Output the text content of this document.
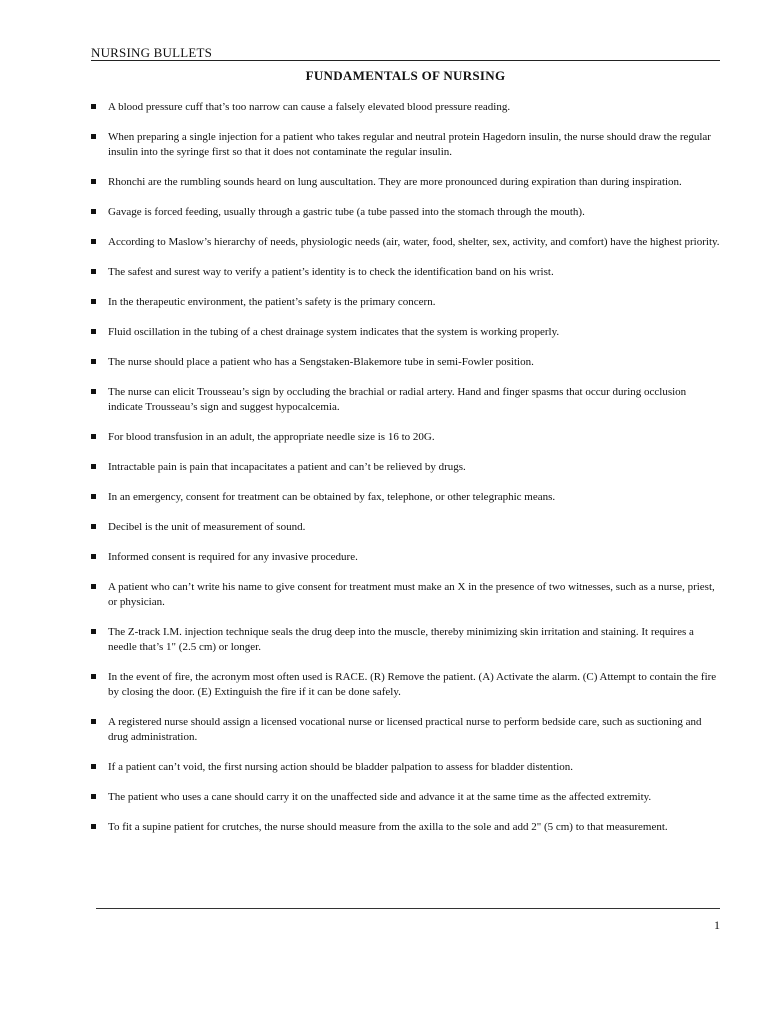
NURSING BULLETS
FUNDAMENTALS OF NURSING
A blood pressure cuff that’s too narrow can cause a falsely elevated blood pressure reading.
When preparing a single injection for a patient who takes regular and neutral protein Hagedorn insulin, the nurse should draw the regular insulin into the syringe first so that it does not contaminate the regular insulin.
Rhonchi are the rumbling sounds heard on lung auscultation. They are more pronounced during expiration than during inspiration.
Gavage is forced feeding, usually through a gastric tube (a tube passed into the stomach through the mouth).
According to Maslow’s hierarchy of needs, physiologic needs (air, water, food, shelter, sex, activity, and comfort) have the highest priority.
The safest and surest way to verify a patient’s identity is to check the identification band on his wrist.
In the therapeutic environment, the patient’s safety is the primary concern.
Fluid oscillation in the tubing of a chest drainage system indicates that the system is working properly.
The nurse should place a patient who has a Sengstaken-Blakemore tube in semi-Fowler position.
The nurse can elicit Trousseau’s sign by occluding the brachial or radial artery. Hand and finger spasms that occur during occlusion indicate Trousseau’s sign and suggest hypocalcemia.
For blood transfusion in an adult, the appropriate needle size is 16 to 20G.
Intractable pain is pain that incapacitates a patient and can’t be relieved by drugs.
In an emergency, consent for treatment can be obtained by fax, telephone, or other telegraphic means.
Decibel is the unit of measurement of sound.
Informed consent is required for any invasive procedure.
A patient who can’t write his name to give consent for treatment must make an X in the presence of two witnesses, such as a nurse, priest, or physician.
The Z-track I.M. injection technique seals the drug deep into the muscle, thereby minimizing skin irritation and staining. It requires a needle that’s 1" (2.5 cm) or longer.
In the event of fire, the acronym most often used is RACE. (R) Remove the patient. (A) Activate the alarm. (C) Attempt to contain the fire by closing the door. (E) Extinguish the fire if it can be done safely.
A registered nurse should assign a licensed vocational nurse or licensed practical nurse to perform bedside care, such as suctioning and drug administration.
If a patient can’t void, the first nursing action should be bladder palpation to assess for bladder distention.
The patient who uses a cane should carry it on the unaffected side and advance it at the same time as the affected extremity.
To fit a supine patient for crutches, the nurse should measure from the axilla to the sole and add 2" (5 cm) to that measurement.
1
